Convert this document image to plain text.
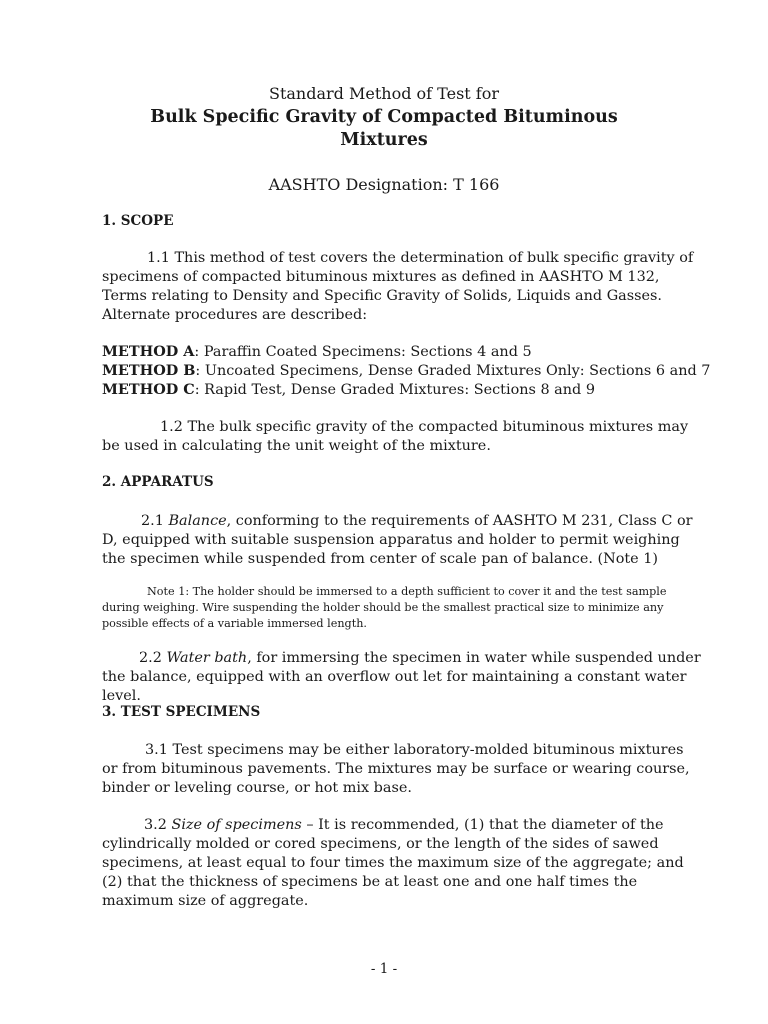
Standard Method of Test for
Bulk Specific Gravity of Compacted Bituminous
Mixtures
AASHTO Designation: T 166
1. SCOPE

1.1 This method of test covers the determination of bulk specific gravity of specimens of compacted bituminous mixtures as defined in AASHTO M 132, Terms relating to Density and Specific Gravity of Solids, Liquids and Gasses. Alternate procedures are described:

METHOD A: Paraffin Coated Specimens: Sections 4 and 5
METHOD B: Uncoated Specimens, Dense Graded Mixtures Only: Sections 6 and 7
METHOD C: Rapid Test, Dense Graded Mixtures: Sections 8 and 9

1.2 The bulk specific gravity of the compacted bituminous mixtures may be used in calculating the unit weight of the mixture.

2. APPARATUS

2.1 Balance, conforming to the requirements of AASHTO M 231, Class C or D, equipped with suitable suspension apparatus and holder to permit weighing the specimen while suspended from center of scale pan of balance. (Note 1)

Note 1: The holder should be immersed to a depth sufficient to cover it and the test sample during weighing. Wire suspending the holder should be the smallest practical size to minimize any possible effects of a variable immersed length.

2.2 Water bath, for immersing the specimen in water while suspended under the balance, equipped with an overflow out let for maintaining a constant water level.

3. TEST SPECIMENS

3.1 Test specimens may be either laboratory-molded bituminous mixtures or from bituminous pavements. The mixtures may be surface or wearing course, binder or leveling course, or hot mix base.

3.2 Size of specimens – It is recommended, (1) that the diameter of the cylindrically molded or cored specimens, or the length of the sides of sawed specimens, at least equal to four times the maximum size of the aggregate; and (2) that the thickness of specimens be at least one and one half times the maximum size of aggregate.

- 1 -
